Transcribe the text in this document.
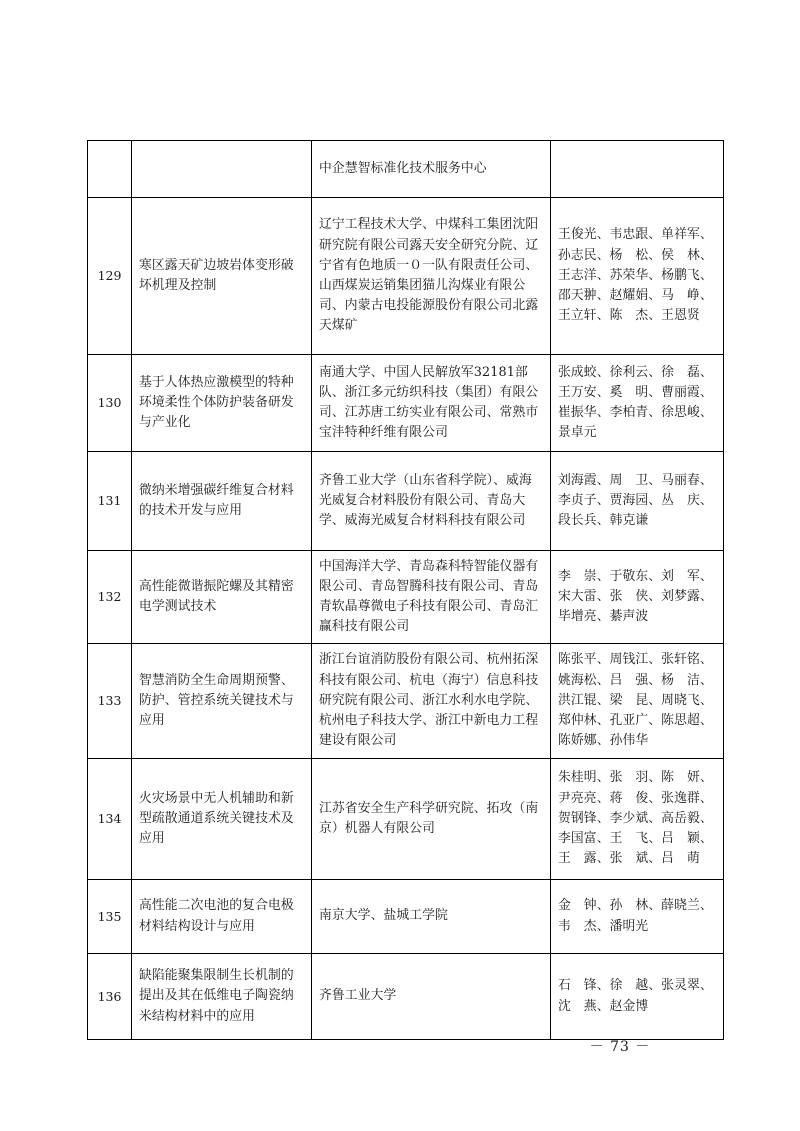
		中企慧智标准化技术服务中心	
129	寒区露天矿边坡岩体变形破坏机理及控制	辽宁工程技术大学、中煤科工集团沈阳研究院有限公司露天安全研究分院、辽宁省有色地质一０一队有限责任公司、山西煤炭运销集团猫儿沟煤业有限公司、内蒙古电投能源股份有限公司北露天煤矿	王俊光、韦忠跟、单祥军、孙志民、杨　松、侯　林、王志洋、苏荣华、杨鹏飞、邵天翀、赵耀娟、马　峥、王立轩、陈　杰、王恩贤
130	基于人体热应激模型的特种环境柔性个体防护装备研发与产业化	南通大学、中国人民解放军32181部队、浙江多元纺织科技（集团）有限公司、江苏唐工纺实业有限公司、常熟市宝沣特种纤维有限公司	张成蛟、徐利云、徐　磊、王万安、奚　明、曹丽霞、崔振华、李柏青、徐思峻、景卓元
131	微纳米增强碳纤维复合材料的技术开发与应用	齐鲁工业大学（山东省科学院）、威海光威复合材料股份有限公司、青岛大学、威海光威复合材料科技有限公司	刘海霞、周　卫、马丽春、李贞子、贾海园、丛　庆、段长兵、韩克谦
132	高性能微谐振陀螺及其精密电学测试技术	中国海洋大学、青岛森科特智能仪器有限公司、青岛智腾科技有限公司、青岛青软晶尊微电子科技有限公司、青岛汇赢科技有限公司	李　崇、于敬东、刘　军、宋大雷、张　侠、刘梦露、毕增亮、綦声波
133	智慧消防全生命周期预警、防护、管控系统关键技术与应用	浙江台谊消防股份有限公司、杭州拓深科技有限公司、杭电（海宁）信息科技研究院有限公司、浙江水利水电学院、杭州电子科技大学、浙江中新电力工程建设有限公司	陈张平、周钱江、张轩铭、姚海松、吕　强、杨　洁、洪江锟、梁　昆、周晓飞、郑仲林、孔亚广、陈思超、陈娇娜、孙伟华
134	火灾场景中无人机辅助和新型疏散通道系统关键技术及应用	江苏省安全生产科学研究院、拓攻（南京）机器人有限公司	朱桂明、张　羽、陈　妍、尹亮亮、蒋　俊、张逸群、贺钢锋、李少斌、高岳毅、李国富、王　飞、吕　颖、王　露、张　斌、吕　萌
135	高性能二次电池的复合电极材料结构设计与应用	南京大学、盐城工学院	金　钟、孙　林、薛晓兰、韦　杰、潘明光
136	缺陷能聚集限制生长机制的提出及其在低维电子陶瓷纳米结构材料中的应用	齐鲁工业大学	石　锋、徐　越、张灵翠、沈　燕、赵金博
－ 73 －
